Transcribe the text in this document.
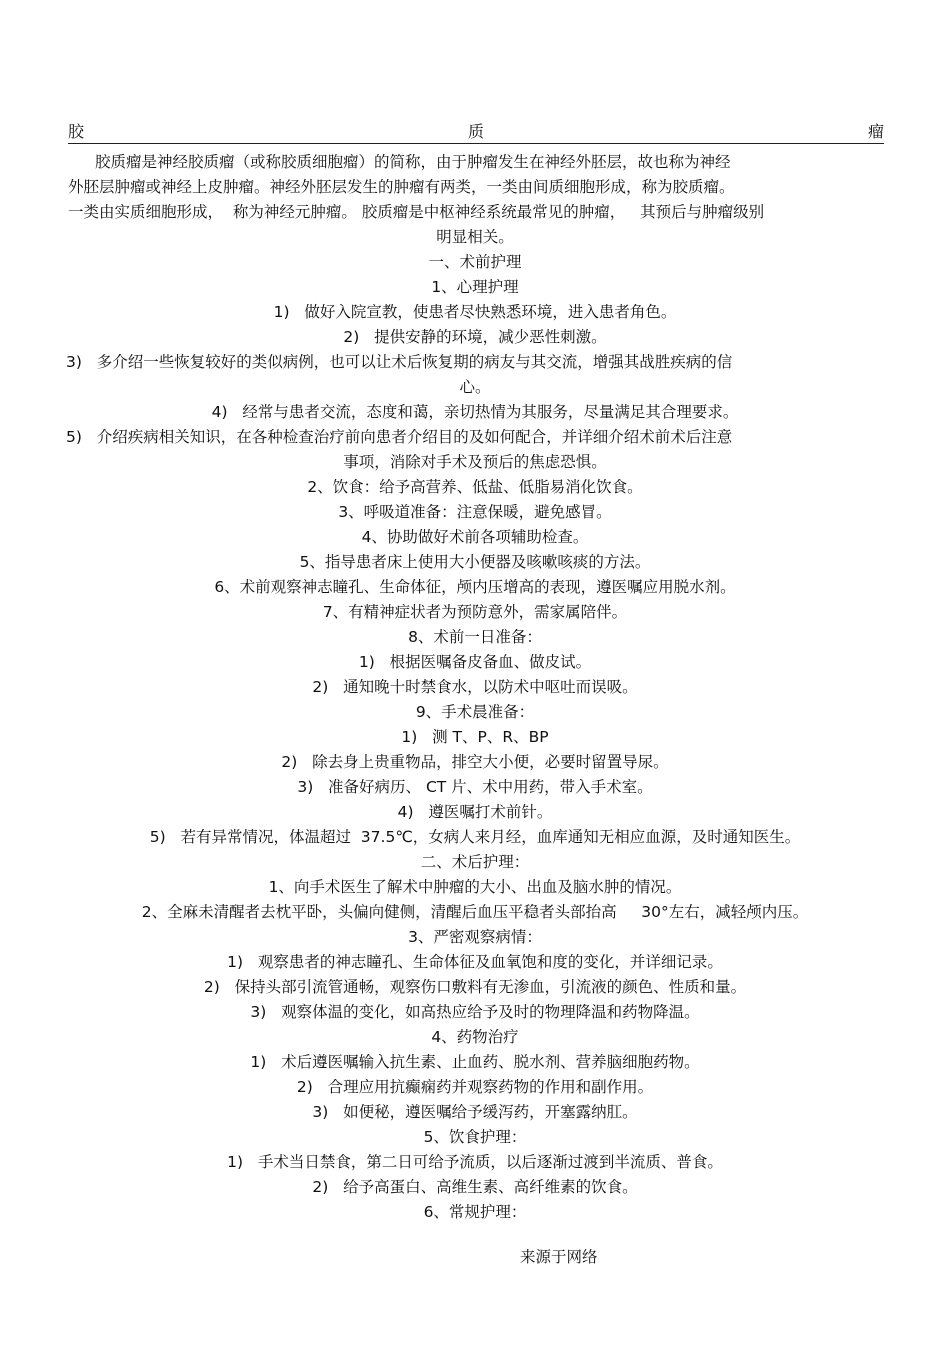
胶	质	瘤
胶质瘤是神经胶质瘤（或称胶质细胞瘤）的简称，由于肿瘤发生在神经外胚层，故也称为神经
外胚层肿瘤或神经上皮肿瘤。神经外胚层发生的肿瘤有两类，一类由间质细胞形成，称为胶质瘤。
一类由实质细胞形成，  称为神经元肿瘤。 胶质瘤是中枢神经系统最常见的肿瘤，   其预后与肿瘤级别
明显相关。
一、术前护理
1、心理护理
1)   做好入院宣教，使患者尽快熟悉环境，进入患者角色。
2)   提供安静的环境，减少恶性刺激。
3)   多介绍一些恢复较好的类似病例，也可以让术后恢复期的病友与其交流，增强其战胜疾病的信
心。
4)   经常与患者交流，态度和蔼，亲切热情为其服务，尽量满足其合理要求。
5)   介绍疾病相关知识，在各种检查治疗前向患者介绍目的及如何配合，并详细介绍术前术后注意
事项，消除对手术及预后的焦虑恐惧。
2、饮食：给予高营养、低盐、低脂易消化饮食。
3、呼吸道准备：注意保暖，避免感冒。
4、协助做好术前各项辅助检查。
5、指导患者床上使用大小便器及咳嗽咳痰的方法。
6、术前观察神志瞳孔、生命体征，颅内压增高的表现，遵医嘱应用脱水剂。
7、有精神症状者为预防意外，需家属陪伴。
8、术前一日准备：
1)   根据医嘱备皮备血、做皮试。
2)   通知晚十时禁食水，以防术中呕吐而误吸。
9、手术晨准备：
1)   测 T、P、R、BP
2)   除去身上贵重物品，排空大小便，必要时留置导尿。
3)   准备好病历、 CT 片、术中用药，带入手术室。
4)   遵医嘱打术前针。
5)   若有异常情况，体温超过  37.5℃，女病人来月经，血库通知无相应血源，及时通知医生。
二、术后护理：
1、向手术医生了解术中肿瘤的大小、出血及脑水肿的情况。
2、全麻未清醒者去枕平卧，头偏向健侧，清醒后血压平稳者头部抬高     30°左右，减轻颅内压。
3、严密观察病情：
1)   观察患者的神志瞳孔、生命体征及血氧饱和度的变化，并详细记录。
2)   保持头部引流管通畅，观察伤口敷料有无渗血，引流液的颜色、性质和量。
3)   观察体温的变化，如高热应给予及时的物理降温和药物降温。
4、药物治疗
1)   术后遵医嘱输入抗生素、止血药、脱水剂、营养脑细胞药物。
2)   合理应用抗癫痫药并观察药物的作用和副作用。
3)   如便秘，遵医嘱给予缓泻药，开塞露纳肛。
5、饮食护理：
1)   手术当日禁食，第二日可给予流质，以后逐渐过渡到半流质、普食。
2)   给予高蛋白、高维生素、高纤维素的饮食。
6、常规护理：
来源于网络
